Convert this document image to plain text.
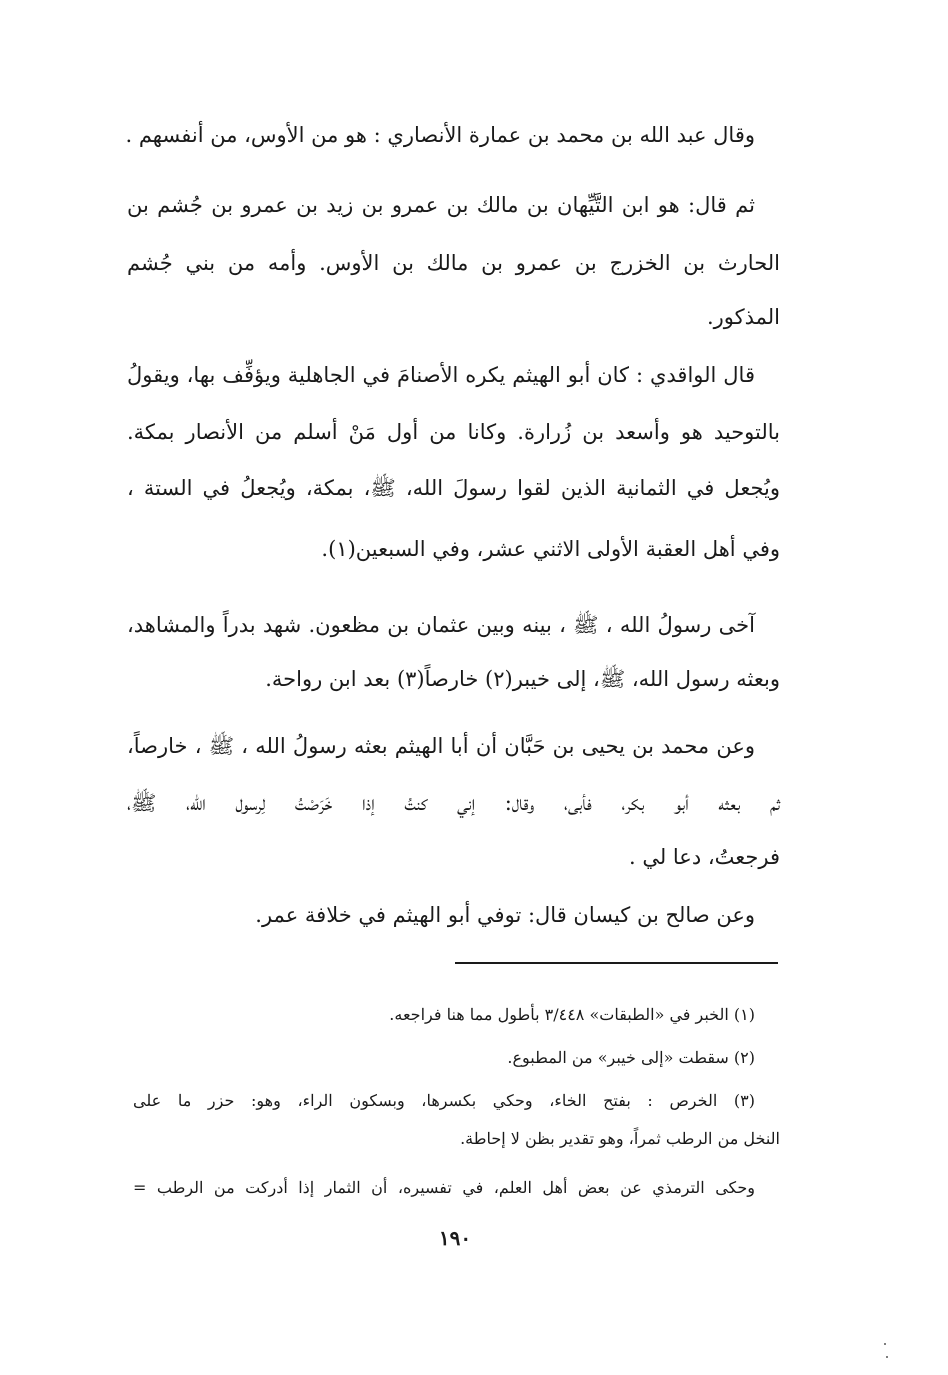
وقال عبد الله بن محمد بن عمارة الأنصاري : هو من الأوس، من أنفسهم .
ثم قال: هو ابن التَّيِّهان بن مالك بن عمرو بن زيد بن عمرو بن جُشم بن
الحارث بن الخزرج بن عمرو بن مالك بن الأوس. وأمه من بني جُشم
المذكور.
قال الواقدي : كان أبو الهيثم يكره الأصنامَ في الجاهلية ويؤفِّف بها، ويقولُ
بالتوحيد هو وأسعد بن زُرارة. وكانا من أول مَنْ أسلم من الأنصار بمكة.
ويُجعل في الثمانية الذين لقوا رسولَ الله، ﷺ، بمكة، ويُجعلُ في الستة ،
وفي أهل العقبة الأولى الاثني عشر، وفي السبعين(١).
آخى رسولُ الله ، ﷺ ، بينه وبين عثمان بن مظعون. شهد بدراً والمشاهد،
وبعثه رسول الله، ﷺ، إلى خيبر(٢) خارصاً(٣) بعد ابن رواحة.
وعن محمد بن يحيى بن حَبَّان أن أبا الهيثم بعثه رسولُ الله ، ﷺ ، خارصاً،
ثم بعثه أبو بكر، فأبى، وقال: إني كنتُ إذا خَرَصْتُ لِرسول الله، ﷺ،
فرجعتُ، دعا لي .
وعن صالح بن كيسان قال: توفي أبو الهيثم في خلافة عمر.
(١) الخبر في «الطبقات» ٣/٤٤٨ بأطول مما هنا فراجعه.
(٢) سقطت «إلى خيبر» من المطبوع.
(٣) الخرص : بفتح الخاء، وحكي بكسرها، وبسكون الراء، وهو: حزر ما على
النخل من الرطب ثمراً، وهو تقدير بظن لا إحاطة.
وحكى الترمذي عن بعض أهل العلم، في تفسيره، أن الثمار إذا أدركت من الرطب =
١٩٠
